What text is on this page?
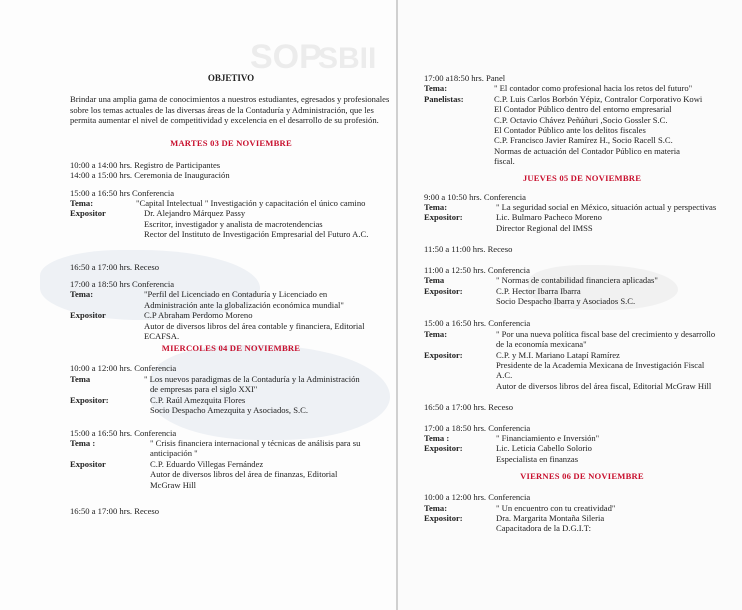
SOP
SBII
OBJETIVO
Brindar una amplia gama de conocimientos a nuestros estudiantes, egresados y profesionales sobre los temas actuales de las diversas áreas de la Contaduría y Administración, que les permita aumentar el nivel de competitividad y excelencia en el desarrollo de su profesión.
MARTES 03 DE NOVIEMBRE
10:00 a 14:00 hrs. Registro de Participantes
14:00 a 15:00 hrs. Ceremonia de Inauguración
15:00 a 16:50 hrs Conferencia
Tema:	"Capital Intelectual " Investigación y capacitación el único camino
Expositor	Dr. Alejandro Márquez Passy
Escritor, investigador y analista de macrotendencias
Rector del Instituto de Investigación Empresarial del Futuro A.C.
16:50 a 17:00 hrs. Receso
17:00 a 18:50 hrs Conferencia
Tema:	"Perfil del Licenciado en Contaduría y Licenciado en
Administración ante la globalización económica mundial"
Expositor	C.P Abraham Perdomo Moreno
Autor de diversos libros del área contable y financiera, Editorial
ECAFSA.
MIERCOLES 04 DE NOVIEMBRE
10:00 a 12:00 hrs. Conferencia
Tema	" Los nuevos paradigmas de la Contaduría y la Administración
de empresas para el siglo XXI"
Expositor:	C.P. Raúl Amezquita Flores
Socio Despacho Amezquita y Asociados, S.C.
15:00 a 16:50 hrs. Conferencia
Tema :	" Crisis financiera internacional y técnicas de análisis para su
anticipación "
Expositor	C.P. Eduardo Villegas Fernández
Autor de diversos libros del área de finanzas, Editorial
McGraw Hill
16:50 a 17:00 hrs. Receso
17:00 a18:50 hrs. Panel
Tema:	" El contador como profesional hacia los retos del futuro"
Panelistas:	C.P. Luis Carlos Borbón Yépiz, Contralor Corporativo Kowi
El Contador Público dentro del entorno empresarial
C.P. Octavio Chávez Peñúñuri ,Socio Gossler S.C.
El Contador Público ante los delitos fiscales
C.P. Francisco Javier Ramírez H., Socio Racell S.C.
Normas de actuación del Contador Público en materia
fiscal.
JUEVES 05 DE NOVIEMBRE
9:00 a 10:50 hrs. Conferencia
Tema:	" La seguridad social en México, situación actual y perspectivas
Expositor:	Lic. Bulmaro Pacheco Moreno
Director Regional del IMSS
11:50 a 11:00 hrs. Receso
11:00 a 12:50 hrs. Conferencia
Tema	" Normas de contabilidad financiera aplicadas"
Expositor:	C.P. Hector Ibarra Ibarra
Socio Despacho Ibarra y Asociados S.C.
15:00 a 16:50 hrs. Conferencia
Tema:	" Por una nueva política fiscal base del crecimiento y desarrollo
de la economía mexicana"
Expositor:	C.P. y M.I. Mariano Latapí Ramírez
Presidente de la Academia Mexicana de Investigación Fiscal
A.C.
Autor de diversos libros del área fiscal, Editorial McGraw Hill
16:50 a 17:00 hrs. Receso
17:00 a 18:50 hrs. Conferencia
Tema :	" Financiamiento e Inversión"
Expositor:	Lic. Leticia Cabello Solorio
Especialista en finanzas
VIERNES 06 DE NOVIEMBRE
10:00 a 12:00 hrs. Conferencia
Tema:	" Un encuentro con tu creatividad"
Expositor:	Dra. Margarita Montaña Sileria
Capacitadora de la D.G.I.T:
